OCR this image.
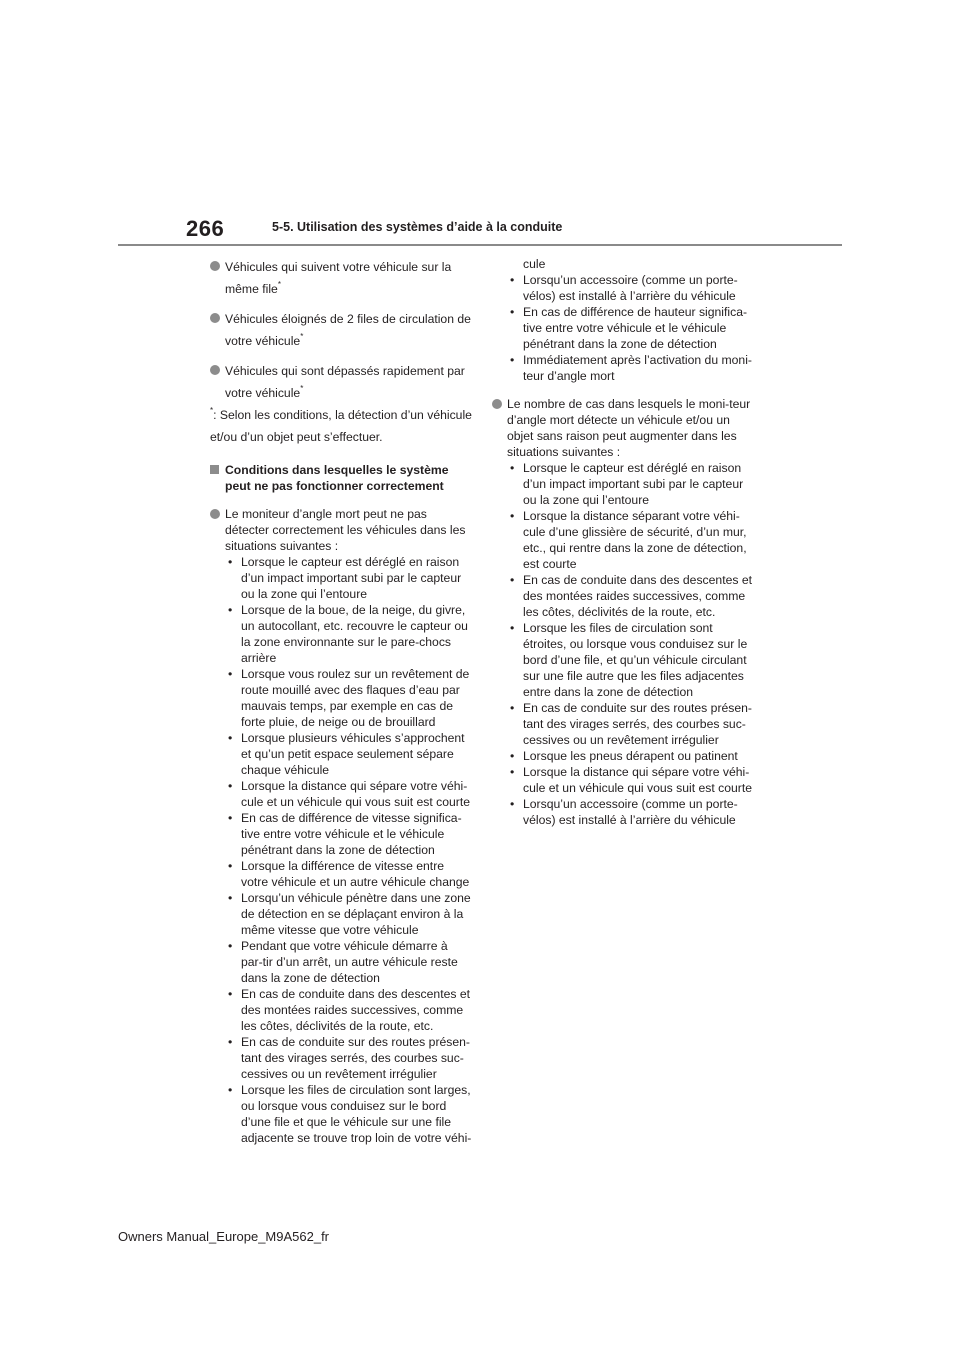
266	5-5. Utilisation des systèmes d’aide à la conduite
Véhicules qui suivent votre véhicule sur la même file*
Véhicules éloignés de 2 files de circulation de votre véhicule*
Véhicules qui sont dépassés rapidement par votre véhicule*
*: Selon les conditions, la détection d’un véhicule et/ou d’un objet peut s’effectuer.
Conditions dans lesquelles le système peut ne pas fonctionner correctement
Le moniteur d’angle mort peut ne pas détecter correctement les véhicules dans les situations suivantes :
• Lorsque le capteur est déréglé en raison d’un impact important subi par le capteur ou la zone qui l’entoure
• Lorsque de la boue, de la neige, du givre, un autocollant, etc. recouvre le capteur ou la zone environnante sur le pare-chocs arrière
• Lorsque vous roulez sur un revêtement de route mouillé avec des flaques d’eau par mauvais temps, par exemple en cas de forte pluie, de neige ou de brouillard
• Lorsque plusieurs véhicules s’approchent et qu’un petit espace seulement sépare chaque véhicule
• Lorsque la distance qui sépare votre véhi-cule et un véhicule qui vous suit est courte
• En cas de différence de vitesse significa-tive entre votre véhicule et le véhicule pénétrant dans la zone de détection
• Lorsque la différence de vitesse entre votre véhicule et un autre véhicule change
• Lorsqu’un véhicule pénètre dans une zone de détection en se déplaçant environ à la même vitesse que votre véhicule
• Pendant que votre véhicule démarre à par-tir d’un arrêt, un autre véhicule reste dans la zone de détection
• En cas de conduite dans des descentes et des montées raides successives, comme les côtes, déclivités de la route, etc.
• En cas de conduite sur des routes présen-tant des virages serrés, des courbes suc-cessives ou un revêtement irrégulier
• Lorsque les files de circulation sont larges, ou lorsque vous conduisez sur le bord d’une file et que le véhicule sur une file adjacente se trouve trop loin de votre véhi-
cule
• Lorsqu’un accessoire (comme un porte-vélos) est installé à l’arrière du véhicule
• En cas de différence de hauteur significa-tive entre votre véhicule et le véhicule pénétrant dans la zone de détection
• Immédiatement après l’activation du moni-teur d’angle mort
Le nombre de cas dans lesquels le moni-teur d’angle mort détecte un véhicule et/ou un objet sans raison peut augmenter dans les situations suivantes :
• Lorsque le capteur est déréglé en raison d’un impact important subi par le capteur ou la zone qui l’entoure
• Lorsque la distance séparant votre véhi-cule d’une glissière de sécurité, d’un mur, etc., qui rentre dans la zone de détection, est courte
• En cas de conduite dans des descentes et des montées raides successives, comme les côtes, déclivités de la route, etc.
• Lorsque les files de circulation sont étroites, ou lorsque vous conduisez sur le bord d’une file, et qu’un véhicule circulant sur une file autre que les files adjacentes entre dans la zone de détection
• En cas de conduite sur des routes présen-tant des virages serrés, des courbes suc-cessives ou un revêtement irrégulier
• Lorsque les pneus dérapent ou patinent
• Lorsque la distance qui sépare votre véhi-cule et un véhicule qui vous suit est courte
• Lorsqu’un accessoire (comme un porte-vélos) est installé à l’arrière du véhicule
Owners Manual_Europe_M9A562_fr
